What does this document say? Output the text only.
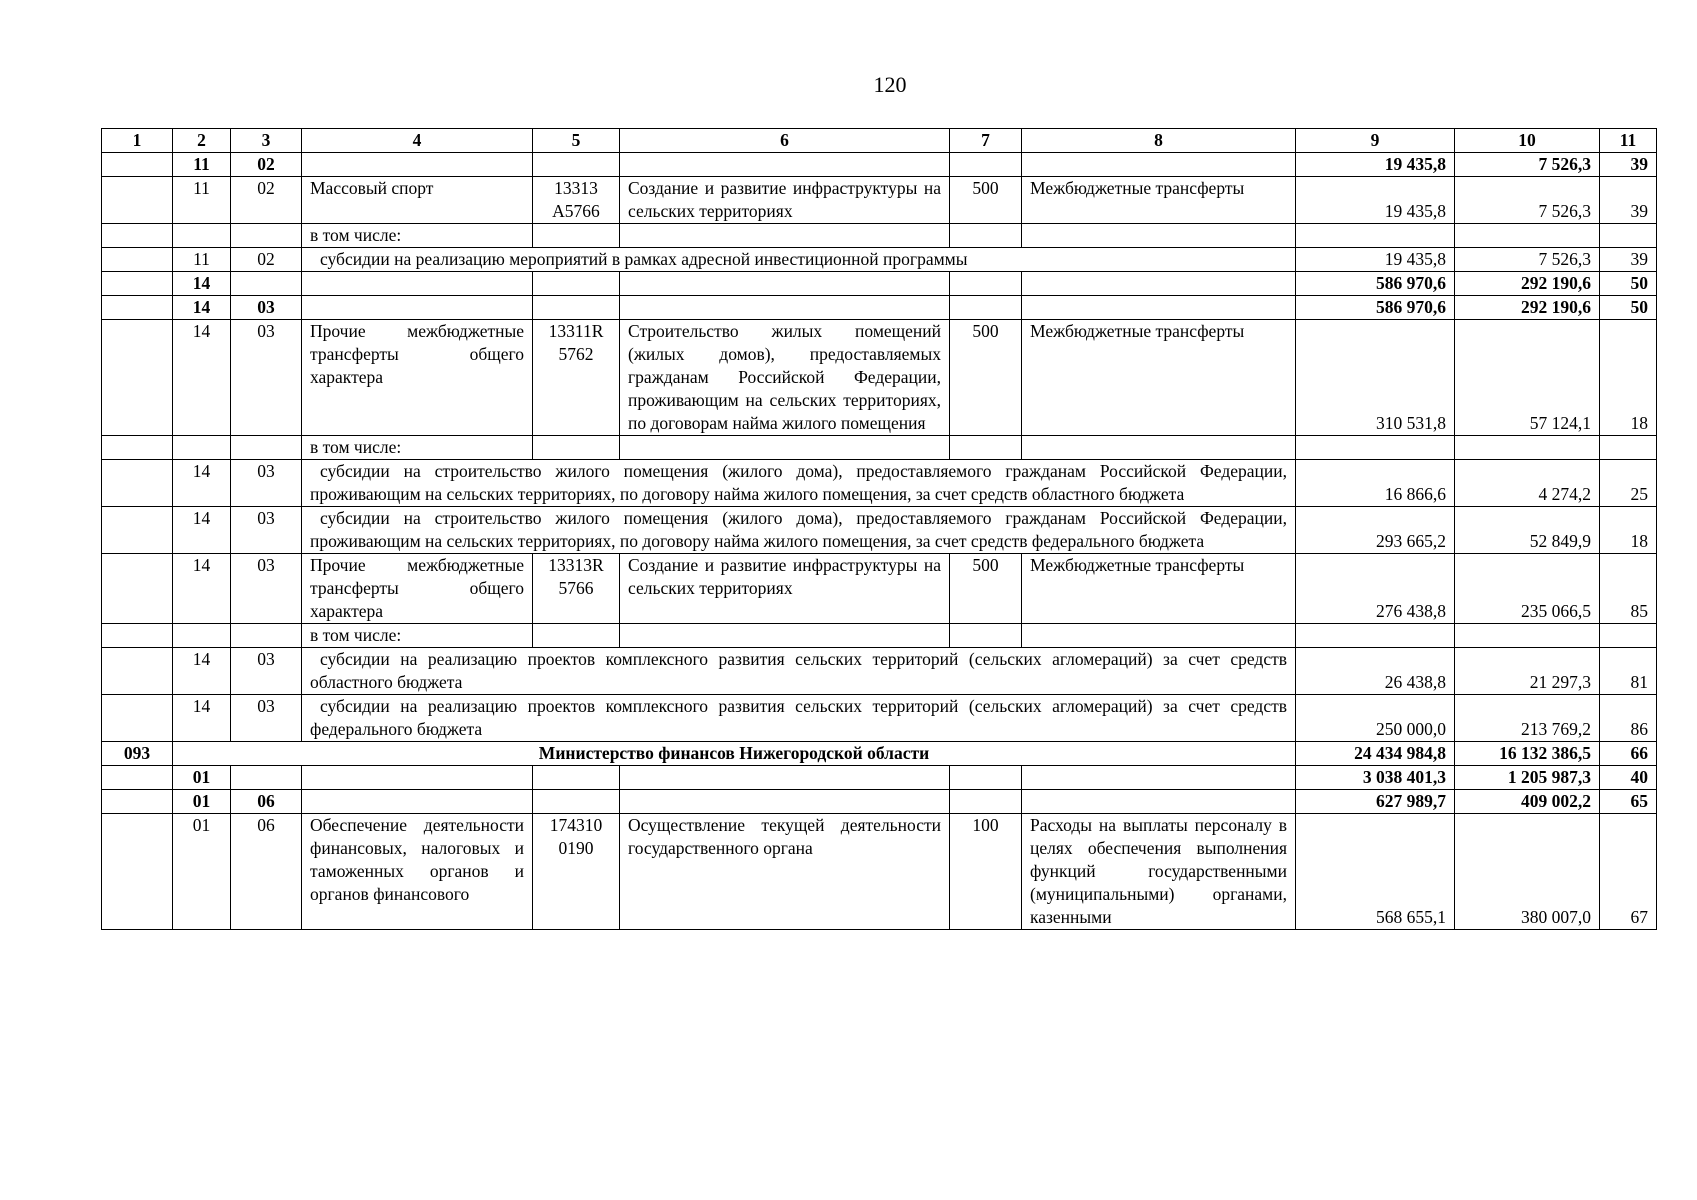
120
1	2	3	4	5	6	7	8	9	10	11
	11	02						19 435,8	7 526,3	39
	11	02	Массовый спорт	13313 А5766	Создание и развитие инфраструктуры на сельских территориях	500	Межбюджетные трансферты	19 435,8	7 526,3	39
			в том числе:							
	11	02	субсидии на реализацию мероприятий в рамках адресной инвестиционной программы					19 435,8	7 526,3	39
	14							586 970,6	292 190,6	50
	14	03						586 970,6	292 190,6	50
	14	03	Прочие межбюджетные трансферты общего характера	13311R 5762	Строительство жилых помещений (жилых домов), предоставляемых гражданам Российской Федерации, проживающим на сельских территориях, по договорам найма жилого помещения	500	Межбюджетные трансферты	310 531,8	57 124,1	18
			в том числе:							
	14	03	субсидии на строительство жилого помещения (жилого дома), предоставляемого гражданам Российской Федерации, проживающим на сельских территориях, по договору найма жилого помещения, за счет средств областного бюджета					16 866,6	4 274,2	25
	14	03	субсидии на строительство жилого помещения (жилого дома), предоставляемого гражданам Российской Федерации, проживающим на сельских территориях, по договору найма жилого помещения, за счет средств федерального бюджета					293 665,2	52 849,9	18
	14	03	Прочие межбюджетные трансферты общего характера	13313R 5766	Создание и развитие инфраструктуры на сельских территориях	500	Межбюджетные трансферты	276 438,8	235 066,5	85
			в том числе:							
	14	03	субсидии на реализацию проектов комплексного развития сельских территорий (сельских агломераций) за счет средств областного бюджета					26 438,8	21 297,3	81
	14	03	субсидии на реализацию проектов комплексного развития сельских территорий (сельских агломераций) за счет средств федерального бюджета					250 000,0	213 769,2	86
093	Министерство финансов Нижегородской области							24 434 984,8	16 132 386,5	66
	01							3 038 401,3	1 205 987,3	40
	01	06						627 989,7	409 002,2	65
	01	06	Обеспечение деятельности финансовых, налоговых и таможенных органов и органов финансового	174310 0190	Осуществление текущей деятельности государственного органа	100	Расходы на выплаты персоналу в целях обеспечения выполнения функций государственными (муниципальными) органами, казенными	568 655,1	380 007,0	67
